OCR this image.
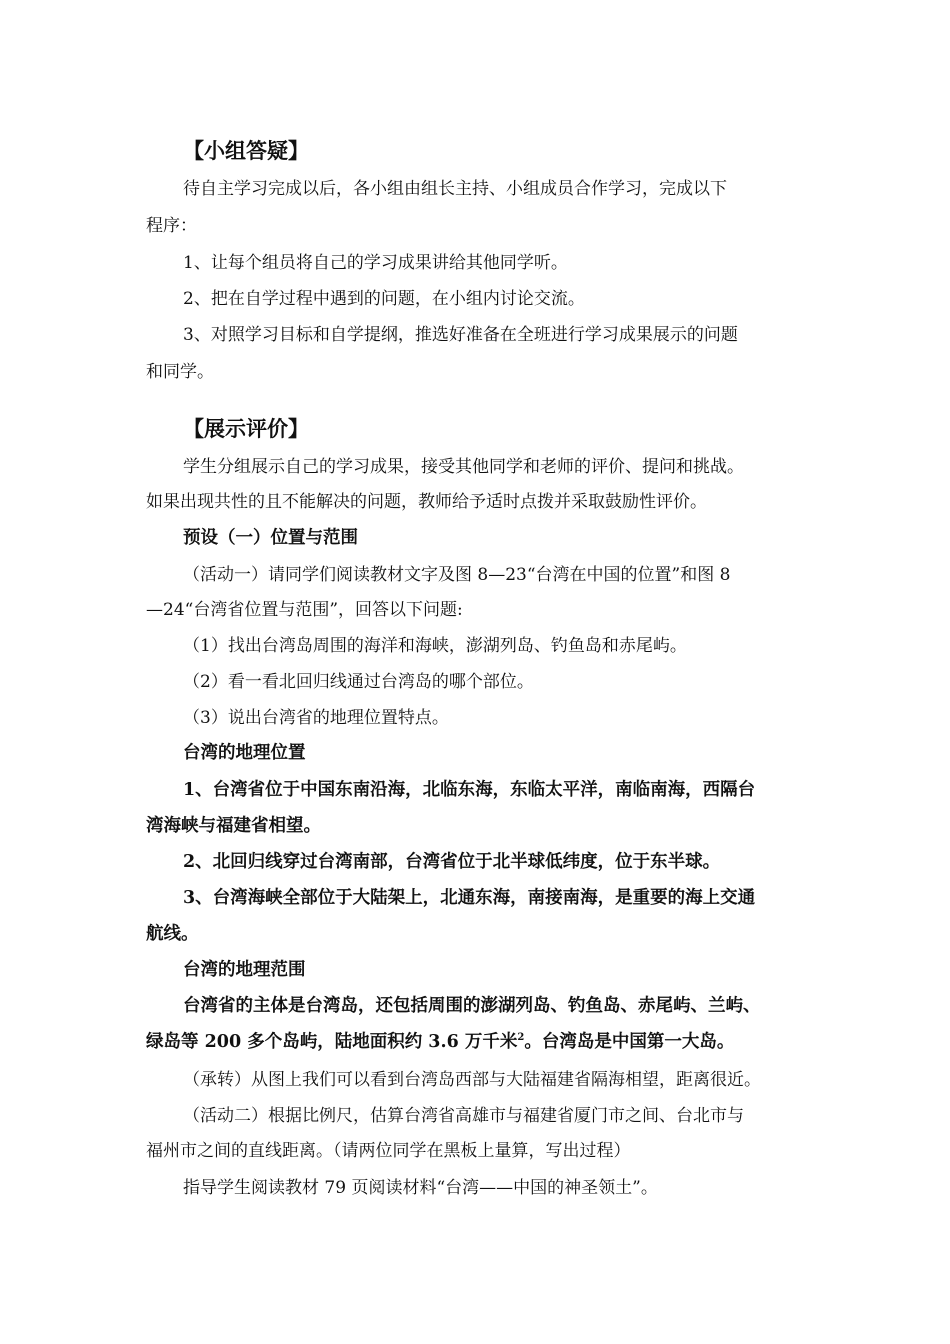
【小组答疑】
待自主学习完成以后，各小组由组长主持、小组成员合作学习，完成以下
程序：
1、让每个组员将自己的学习成果讲给其他同学听。
2、把在自学过程中遇到的问题，在小组内讨论交流。
3、对照学习目标和自学提纲，推选好准备在全班进行学习成果展示的问题
和同学。
【展示评价】
学生分组展示自己的学习成果，接受其他同学和老师的评价、提问和挑战。
如果出现共性的且不能解决的问题，教师给予适时点拨并采取鼓励性评价。
预设（一）位置与范围
（活动一）请同学们阅读教材文字及图 8—23“台湾在中国的位置”和图 8
—24“台湾省位置与范围”，回答以下问题:
（1）找出台湾岛周围的海洋和海峡，澎湖列岛、钓鱼岛和赤尾屿。
（2）看一看北回归线通过台湾岛的哪个部位。
（3）说出台湾省的地理位置特点。
台湾的地理位置
1、台湾省位于中国东南沿海，北临东海，东临太平洋，南临南海，西隔台
湾海峡与福建省相望。
2、北回归线穿过台湾南部，台湾省位于北半球低纬度，位于东半球。
3、台湾海峡全部位于大陆架上，北通东海，南接南海，是重要的海上交通
航线。
台湾的地理范围
台湾省的主体是台湾岛，还包括周围的澎湖列岛、钓鱼岛、赤尾屿、兰屿、
绿岛等 200 多个岛屿，陆地面积约 3.6 万千米$^2$。台湾岛是中国第一大岛。
（承转）从图上我们可以看到台湾岛西部与大陆福建省隔海相望，距离很近。
（活动二）根据比例尺，估算台湾省高雄市与福建省厦门市之间、台北市与
福州市之间的直线距离。（请两位同学在黑板上量算，写出过程）
指导学生阅读教材 79 页阅读材料“台湾——中国的神圣领土”。
